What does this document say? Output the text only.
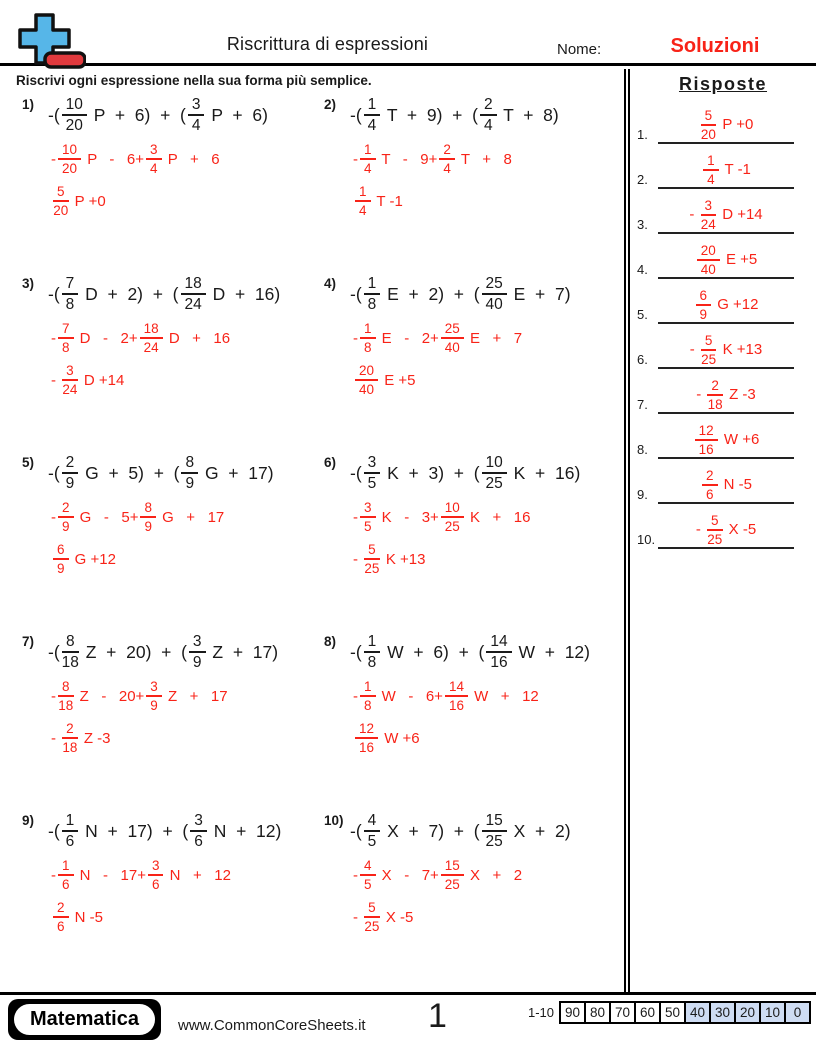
Riscrittura di espressioni	Nome:	Soluzioni
Riscrivi ogni espressione nella sua forma più semplice.
1) -( $\frac{10}{20}$ P  +  6)  +  ( $\frac{3}{4}$ P  +  6)
- $\frac{10}{20}$ $P - 6+ \frac{3}{4}$ P   +   6
$\frac{5}{20}$ P +0
2) -( $\frac{1}{4}$ T  +  9)  +  ( $\frac{2}{4}$ T  +  8)
- $\frac{1}{4}$ $T - 9+ \frac{2}{4}$ T   +   8
$\frac{1}{4}$ T -1
3) -( $\frac{7}{8}$ D  +  2)  +  ( $\frac{18}{24}$ D  +  16)
- $\frac{7}{8}$ $D - 2+ \frac{18}{24}$ D   +   16
- $\frac{3}{24}$ D +14
4) -( $\frac{1}{8}$ E  +  2)  +  ( $\frac{25}{40}$ E  +  7)
- $\frac{1}{8}$ $E - 2+ \frac{25}{40}$ E   +   7
$\frac{20}{40}$ E +5
5) -( $\frac{2}{9}$ G  +  5)  +  ( $\frac{8}{9}$ G  +  17)
- $\frac{2}{9}$ $G - 5+ \frac{8}{9}$ G   +   17
$\frac{6}{9}$ G +12
6) -( $\frac{3}{5}$ K  +  3)  +  ( $\frac{10}{25}$ K  +  16)
- $\frac{3}{5}$ $K - 3+ \frac{10}{25}$ K   +   16
- $\frac{5}{25}$ K +13
7) -( $\frac{8}{18}$ Z  +  20)  +  ( $\frac{3}{9}$ Z  +  17)
- $\frac{8}{18}$ $Z - 20+ \frac{3}{9}$ Z   +   17
- $\frac{2}{18}$ Z -3
8) -( $\frac{1}{8}$ W  +  6)  +  ( $\frac{14}{16}$ W  +  12)
- $\frac{1}{8}$ $W - 6+ \frac{14}{16}$ W   +   12
$\frac{12}{16}$ W +6
9) -( $\frac{1}{6}$ N  +  17)  +  ( $\frac{3}{6}$ N  +  12)
- $\frac{1}{6}$ $N - 17+ \frac{3}{6}$ N   +   12
$\frac{2}{6}$ N -5
10) -( $\frac{4}{5}$ X  +  7)  +  ( $\frac{15}{25}$ X  +  2)
- $\frac{4}{5}$ $X - 7+ \frac{15}{25}$ X   +   2
- $\frac{5}{25}$ X -5
Risposte
1.	$\frac{5}{20}$ P +0
2.	$\frac{1}{4}$ T -1
3.
- $\frac{3}{24}$ D +14
4.	$\frac{20}{40}$ E +5
5.	$\frac{6}{9}$ G +12
6.
- $\frac{5}{25}$ K +13
7.
- $\frac{2}{18}$ Z -3
8.	$\frac{12}{16}$ W +6
9.	$\frac{2}{6}$ N -5
10.
- $\frac{5}{25}$ X -5
Matematica	www.CommonCoreSheets.it 1	1-10 90 80 70 60 50 40 30 20 10	0
